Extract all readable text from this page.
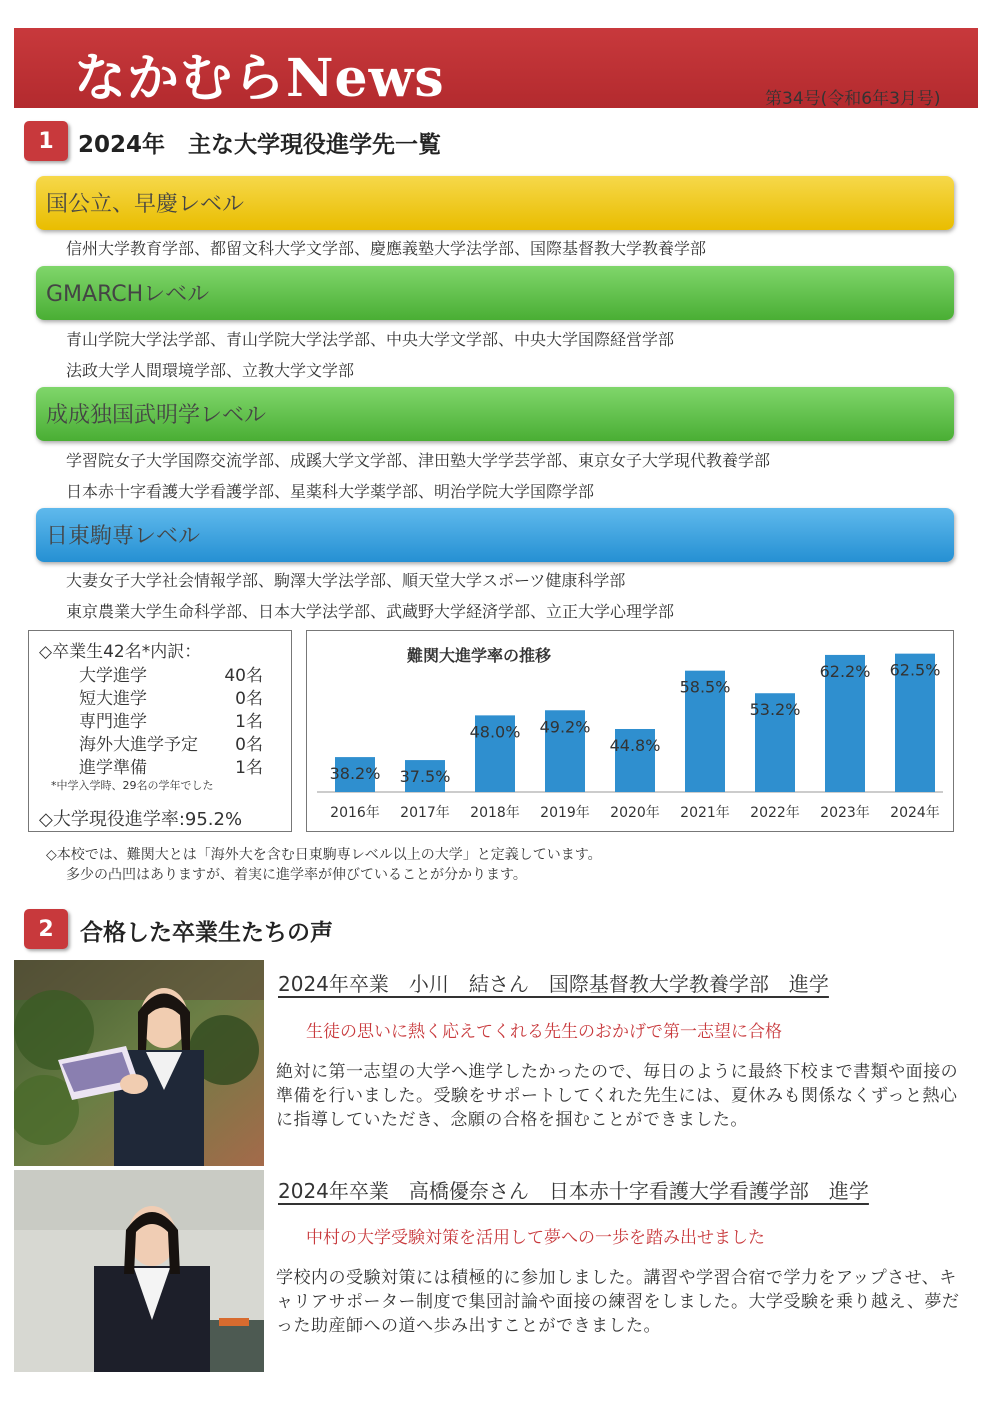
なかむらNews	第34号(令和6年3月号)
1	2024年　主な大学現役進学先一覧
国公立、早慶レベル
信州大学教育学部、都留文科大学文学部、慶應義塾大学法学部、国際基督教大学教養学部
GMARCHレベル
青山学院大学法学部、青山学院大学法学部、中央大学文学部、中央大学国際経営学部
法政大学人間環境学部、立教大学文学部
成成独国武明学レベル
学習院女子大学国際交流学部、成蹊大学文学部、津田塾大学学芸学部、東京女子大学現代教養学部
日本赤十字看護大学看護学部、星薬科大学薬学部、明治学院大学国際学部
日東駒専レベル
大妻女子大学社会情報学部、駒澤大学法学部、順天堂大学スポーツ健康科学部
東京農業大学生命科学部、日本大学法学部、武蔵野大学経済学部、立正大学心理学部
◇卒業生42名*内訳：
大学進学	40名
短大進学	0名
専門進学	1名
海外大進学予定	0名
進学準備	1名
*中学入学時、29名の学年でした
◇大学現役進学率:95.2%
難関大進学率の推移
38.2%
2016年
37.5%
2017年
48.0%
2018年
49.2%
2019年
44.8%
2020年
58.5%
2021年
53.2%
2022年
62.2%
2023年
62.5%
2024年
◇本校では、難関大とは「海外大を含む日東駒専レベル以上の大学」と定義しています。
多少の凸凹はありますが、着実に進学率が伸びていることが分かります。
2	合格した卒業生たちの声
2024年卒業　小川　結さん　国際基督教大学教養学部　進学
生徒の思いに熱く応えてくれる先生のおかげで第一志望に合格
絶対に第一志望の大学へ進学したかったので、毎日のように最終下校まで書類や面接の準備を行いました。受験をサポートしてくれた先生には、夏休みも関係なくずっと熱心に指導していただき、念願の合格を掴むことができました。
2024年卒業　高橋優奈さん　日本赤十字看護大学看護学部　進学
中村の大学受験対策を活用して夢への一歩を踏み出せました
学校内の受験対策には積極的に参加しました。講習や学習合宿で学力をアップさせ、キャリアサポーター制度で集団討論や面接の練習をしました。大学受験を乗り越え、夢だった助産師への道へ歩み出すことができました。
